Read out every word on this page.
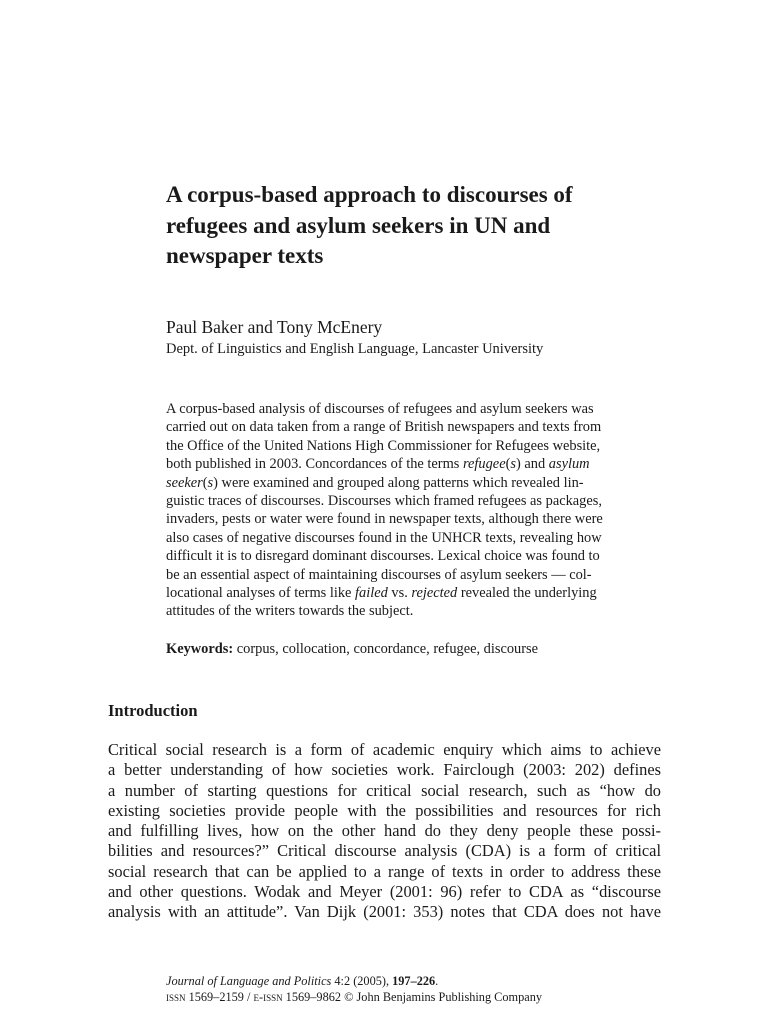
A corpus-based approach to discourses of
refugees and asylum seekers in UN and
newspaper texts

Paul Baker and Tony McEnery

Dept. of Linguistics and English Language, Lancaster University

A corpus-based analysis of discourses of refugees and asylum seekers was
carried out on data taken from a range of British newspapers and texts from
the Office of the United Nations High Commissioner for Refugees website,
both published in 2003. Concordances of the terms refugee(s) and asylum
seeker(s) were examined and grouped along patterns which revealed lin-
guistic traces of discourses. Discourses which framed refugees as packages,
invaders, pests or water were found in newspaper texts, although there were
also cases of negative discourses found in the UNHCR texts, revealing how
difficult it is to disregard dominant discourses. Lexical choice was found to
be an essential aspect of maintaining discourses of asylum seekers — col-
locational analyses of terms like failed vs. rejected revealed the underlying
attitudes of the writers towards the subject.
Keywords: corpus, collocation, concordance, refugee, discourse
Introduction
Critical social research is a form of academic enquiry which aims to achieve
a better understanding of how societies work. Fairclough (2003: 202) defines
a number of starting questions for critical social research, such as “how do
existing societies provide people with the possibilities and resources for rich
and fulfilling lives, how on the other hand do they deny people these possi-
bilities and resources?” Critical discourse analysis (CDA) is a form of critical
social research that can be applied to a range of texts in order to address these
and other questions. Wodak and Meyer (2001: 96) refer to CDA as “discourse
analysis with an attitude”. Van Dijk (2001: 353) notes that CDA does not have
Journal of Language and Politics 4:2 (2005), 197–226.
issn 1569–2159 / e-issn 1569–9862 © John Benjamins Publishing Company
